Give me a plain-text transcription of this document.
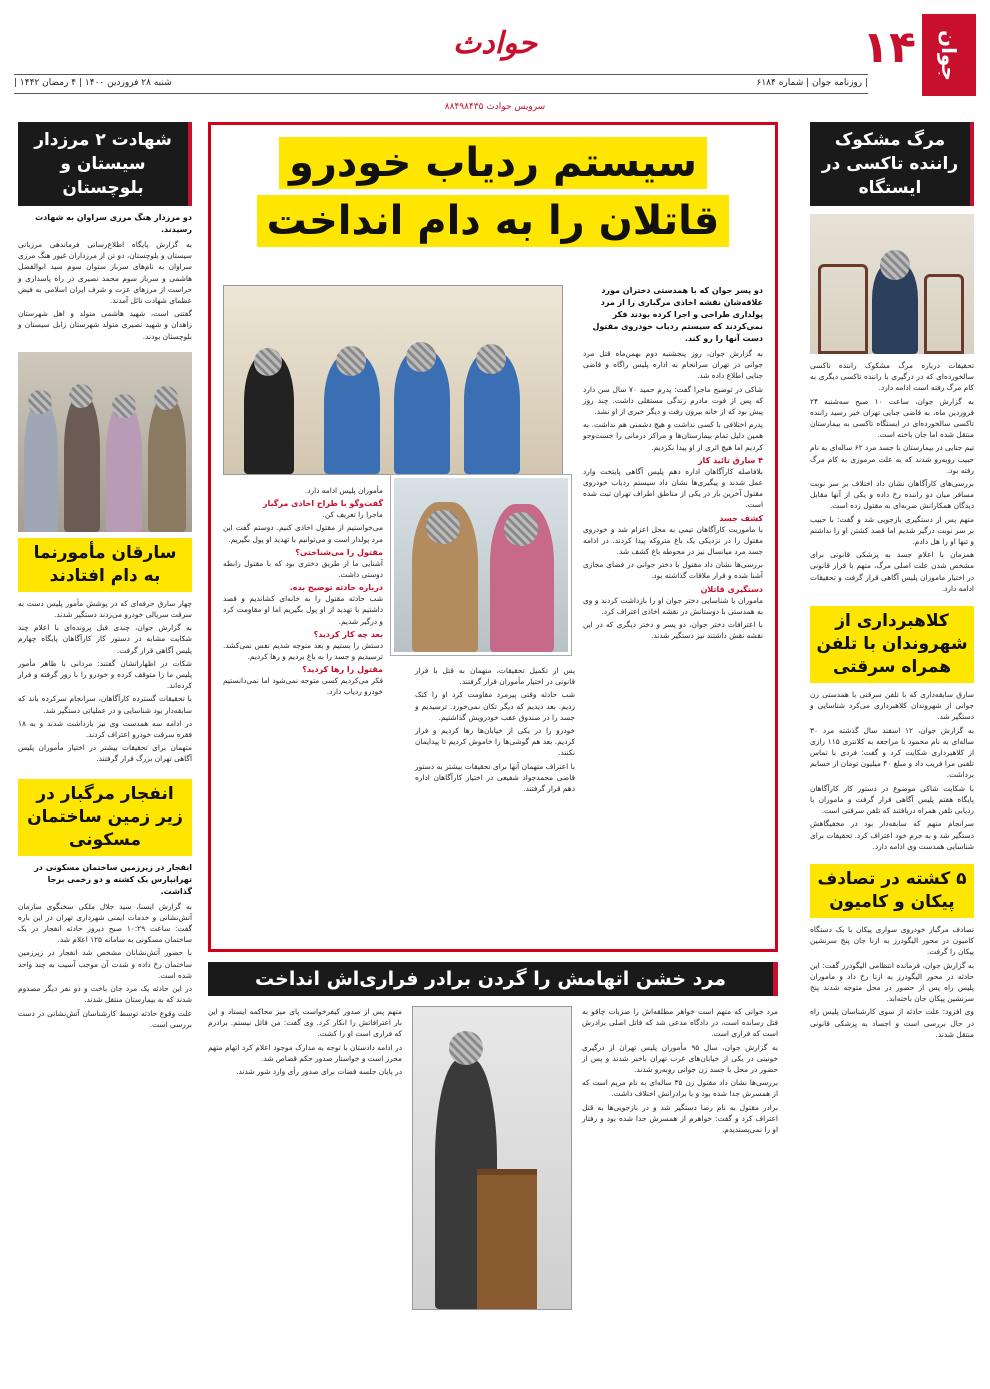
جوان
۱۴
| روزنامه جوان | شماره ۶۱۸۴
شنبه ۲۸ فروردین ۱۴۰۰ | ۴ رمضان ۱۴۴۲ |
حوادث
سرویس حوادث ۸۸۴۹۸۴۳۵
مرگ مشکوک راننده تاکسی در ایستگاه

تحقیقات درباره مرگ مشکوک راننده تاکسی سالخورده‌ای که در درگیری با راننده تاکسی دیگری به کام مرگ رفته است ادامه دارد.

به گزارش جوان، ساعت ۱۰ صبح سه‌شنبه ۲۴ فروردین ماه، به قاضی جنایی تهران خبر رسید راننده تاکسی سالخورده‌ای در ایستگاه تاکسی به بیمارستان منتقل شده اما جان باخته است.

تیم جنایی در بیمارستان با جسد مرد ۶۲ ساله‌ای به نام حبیب روبه‌رو شدند که به علت مرموزی به کام مرگ رفته بود.

بررسی‌های کارآگاهان نشان داد اختلاف بر سر نوبت مسافر میان دو راننده رخ داده و یکی از آنها مقابل دیدگان همکارانش ضربه‌ای به مقتول زده است.

متهم پس از دستگیری بازجویی شد و گفت: با حبیب بر سر نوبت درگیر شدیم اما قصد کشتن او را نداشتم و تنها او را هل دادم.

همزمان با اعلام جسد به پزشکی قانونی برای مشخص شدن علت اصلی مرگ، متهم با قرار قانونی در اختیار ماموران پلیس آگاهی قرار گرفت و تحقیقات ادامه دارد.

کلاهبرداری از شهروندان با تلفن همراه سرقتی

سارق سابقه‌داری که با تلفن سرقتی با همدستی زن جوانی از شهروندان کلاهبرداری می‌کرد شناسایی و دستگیر شد.

به گزارش جوان، ۱۲ اسفند سال گذشته مرد ۳۰ ساله‌ای به نام محمود با مراجعه به کلانتری ۱۱۵ رازی از کلاهبرداری شکایت کرد و گفت: فردی با تماس تلفنی مرا فریب داد و مبلغ ۴۰ میلیون تومان از حسابم برداشت.

با شکایت شاکی موضوع در دستور کار کارآگاهان پایگاه هفتم پلیس آگاهی قرار گرفت و ماموران با ردیابی تلفن همراه دریافتند که تلفن سرقتی است.

سرانجام متهم که سابقه‌دار بود در مخفیگاهش دستگیر شد و به جرم خود اعتراف کرد. تحقیقات برای شناسایی همدست وی ادامه دارد.

۵ کشته در تصادف پیکان و کامیون

تصادف مرگبار خودروی سواری پیکان با یک دستگاه کامیون در محور الیگودرز به ازنا جان پنج سرنشین پیکان را گرفت.

به گزارش جوان، فرمانده انتظامی الیگودرز گفت: این حادثه در محور الیگودرز به ازنا رخ داد و ماموران پلیس راه پس از حضور در محل متوجه شدند پنج سرنشین پیکان جان باخته‌اند.

وی افزود: علت حادثه از سوی کارشناسان پلیس راه در حال بررسی است و اجساد به پزشکی قانونی منتقل شدند.

شهادت ۲ مرزدار سیستان و بلوچستان

دو مرزدار هنگ مرزی سراوان به شهادت رسیدند.

به گزارش پایگاه اطلاع‌رسانی فرماندهی مرزبانی سیستان و بلوچستان، دو تن از مرزداران غیور هنگ مرزی سراوان به نام‌های سرباز ستوان سوم سید ابوالفضل هاشمی و سرباز سوم محمد نصیری در راه پاسداری و حراست از مرزهای عزت و شرف ایران اسلامی به فیض عظمای شهادت نائل آمدند.

گفتنی است، شهید هاشمی متولد و اهل شهرستان زاهدان و شهید نصیری متولد شهرستان زابل سیستان و بلوچستان بودند.

سارقان مأمورنما به دام افتادند

چهار سارق حرفه‌ای که در پوشش مأمور پلیس دست به سرقت سریالی خودرو می‌زدند دستگیر شدند.

به گزارش جوان، چندی قبل پرونده‌ای با اعلام چند شکایت مشابه در دستور کار کارآگاهان پایگاه چهارم پلیس آگاهی قرار گرفت.

شکات در اظهاراتشان گفتند: مردانی با ظاهر مأمور پلیس ما را متوقف کرده و خودرو را با زور گرفته و فرار کرده‌اند.

با تحقیقات گسترده کارآگاهان، سرانجام سرکرده باند که سابقه‌دار بود شناسایی و در عملیاتی دستگیر شد.

در ادامه سه همدست وی نیز بازداشت شدند و به ۱۸ فقره سرقت خودرو اعتراف کردند.

متهمان برای تحقیقات بیشتر در اختیار مأموران پلیس آگاهی تهران بزرگ قرار گرفتند.

انفجار مرگبار در زیر زمین ساختمان مسکونی

انفجار در زیرزمین ساختمان مسکونی در تهرانپارس یک کشته و دو زخمی برجا گذاشت.

به گزارش ایسنا، سید جلال ملکی سخنگوی سازمان آتش‌نشانی و خدمات ایمنی شهرداری تهران در این باره گفت: ساعت ۱۰:۲۹ صبح دیروز حادثه انفجار در یک ساختمان مسکونی به سامانه ۱۲۵ اعلام شد.

با حضور آتش‌نشانان مشخص شد انفجار در زیرزمین ساختمان رخ داده و شدت آن موجب آسیب به چند واحد شده است.

در این حادثه یک مرد جان باخت و دو نفر دیگر مصدوم شدند که به بیمارستان منتقل شدند.

علت وقوع حادثه توسط کارشناسان آتش‌نشانی در دست بررسی است.

سیستم ردیاب خودرو
قاتلان را به دام انداخت

دو پسر جوان که با همدستی دختران مورد علاقه‌شان نقشه اخاذی مرگباری را از مرد پولداری طراحی و اجرا کرده بودند فکر نمی‌کردند که سیستم ردیاب خودروی مقتول دست آنها را رو کند.

به گزارش جوان، روز پنجشنبه دوم بهمن‌ماه قتل مرد جوانی در تهران سرانجام به اداره پلیس راگاه و قاضی جنایی اطلاع داده شد.

شاکی در توضیح ماجرا گفت: پدرم حمید ۷۰ سال سن دارد که پس از فوت مادرم زندگی مستقلی داشت. چند روز پیش بود که از خانه بیرون رفت و دیگر خبری از او نشد.

پدرم اختلافی با کسی نداشت و هیچ دشمنی هم نداشت. به همین دلیل تمام بیمارستان‌ها و مراکز درمانی را جست‌وجو کردیم اما هیچ اثری از او پیدا نکردیم.

۴ سارق تائید کار

بلافاصله کارآگاهان اداره دهم پلیس آگاهی پایتخت وارد عمل شدند و پیگیری‌ها نشان داد سیستم ردیاب خودروی مقتول آخرین بار در یکی از مناطق اطراف تهران ثبت شده است.

کشف جسد

با ماموریت کارآگاهان تیمی به محل اعزام شد و خودروی مقتول را در نزدیکی یک باغ متروکه پیدا کردند. در ادامه جسد مرد میانسال نیز در محوطه باغ کشف شد.

بررسی‌ها نشان داد مقتول با دختر جوانی در فضای مجازی آشنا شده و قرار ملاقات گذاشته بود.

دستگیری قاتلان

ماموران با شناسایی دختر جوان او را بازداشت کردند و وی به همدستی با دوستانش در نقشه اخاذی اعتراف کرد.

با اعترافات دختر جوان، دو پسر و دختر دیگری که در این نقشه نقش داشتند نیز دستگیر شدند.

پس از تکمیل تحقیقات، متهمان به قتل با قرار قانونی در اختیار مأموران قرار گرفتند.

شب حادثه وقتی پیرمرد مقاومت کرد او را کتک زدیم. بعد دیدیم که دیگر تکان نمی‌خورد. ترسیدیم و جسد را در صندوق عقب خودرویش گذاشتیم.

خودرو را در یکی از خیابان‌ها رها کردیم و فرار کردیم. بعد هم گوشی‌ها را خاموش کردیم تا پیدایمان نکنند.

با اعتراف متهمان آنها برای تحقیقات بیشتر به دستور قاضی محمدجواد شفیعی در اختیار کارآگاهان اداره دهم قرار گرفتند.

مأموران پلیس ادامه دارد.

گفت‌وگو با طراح اخاذی مرگبار

ماجرا را تعریف کن.

می‌خواستیم از مقتول اخاذی کنیم. دوستم گفت این مرد پولدار است و می‌توانیم با تهدید او پول بگیریم.

مقتول را می‌شناختی؟

آشنایی ما از طریق دختری بود که با مقتول رابطه دوستی داشت.

درباره حادثه توضیح بده.

شب حادثه مقتول را به خانه‌ای کشاندیم و قصد داشتیم با تهدید از او پول بگیریم اما او مقاومت کرد و درگیر شدیم.

بعد چه کار کردید؟

دستش را بستیم و بعد متوجه شدیم نفس نمی‌کشد. ترسیدیم و جسد را به باغ بردیم و رها کردیم.

مقتول را رها کردید؟

فکر می‌کردیم کسی متوجه نمی‌شود اما نمی‌دانستیم خودرو ردیاب دارد.

مرد خشن اتهامش را گردن برادر فراری‌اش انداخت

مرد جوانی که متهم است خواهر مطلقه‌اش را ضربات چاقو به قتل رسانده است، در دادگاه مدعی شد که قاتل اصلی برادرش است که فراری است.

به گزارش جوان، سال ۹۵ مأموران پلیس تهران از درگیری خونینی در یکی از خیابان‌های غرب تهران باخبر شدند و پس از حضور در محل با جسد زن جوانی روبه‌رو شدند.

بررسی‌ها نشان داد مقتول زن ۳۵ ساله‌ای به نام مریم است که از همسرش جدا شده بود و با برادرانش اختلاف داشت.

برادر مقتول به نام رضا دستگیر شد و در بازجویی‌ها به قتل اعتراف کرد و گفت: خواهرم از همسرش جدا شده بود و رفتار او را نمی‌پسندیدم.

متهم پس از صدور کیفرخواست پای میز محاکمه ایستاد و این بار اعترافاتش را انکار کرد. وی گفت: من قاتل نیستم. برادرم که فراری است او را کشت.

در ادامه دادستان با توجه به مدارک موجود اعلام کرد اتهام متهم محرز است و خواستار صدور حکم قصاص شد.

در پایان جلسه قضات برای صدور رأی وارد شور شدند.
